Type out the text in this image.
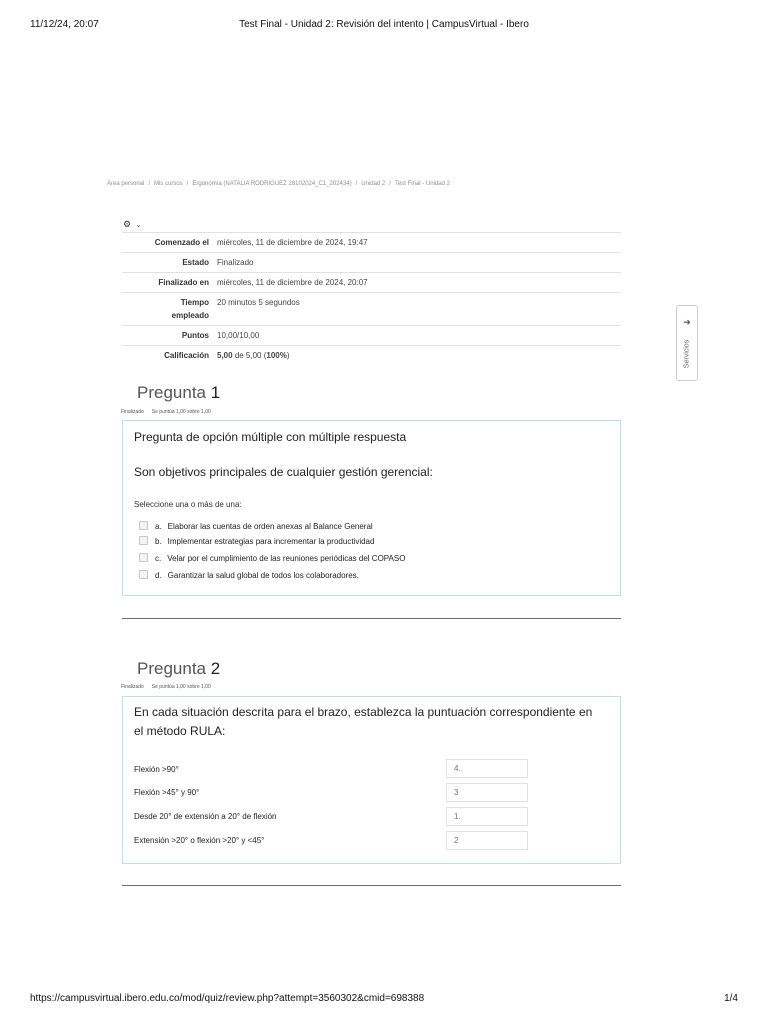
11/12/24, 20:07	Test Final - Unidad 2: Revisión del intento | CampusVirtual - Ibero
Área personal / Mis cursos / Ergonomía (NATALIA RODRIGUEZ 28102024_C1_202434) / Unidad 2 / Test Final - Unidad 2
⚙ ⌄
Comenzado el	miércoles, 11 de diciembre de 2024, 19:47
Estado	Finalizado
Finalizado en	miércoles, 11 de diciembre de 2024, 20:07
Tiempo
empleado	20 minutos 5 segundos
Puntos	10,00/10,00
Calificación	5,00 de 5,00 (100%)
➜
Servicios
Pregunta 1
Finalizado Se puntúa 1,00 sobre 1,00
Pregunta de opción múltiple con múltiple respuesta
Son objetivos principales de cualquier gestión gerencial:
Seleccione una o más de una:
a. Elaborar las cuentas de orden anexas al Balance General
b. Implementar estrategias para incrementar la productividad
c. Velar por el cumplimiento de las reuniones periódicas del COPASO
d. Garantizar la salud global de todos los colaboradores.
Pregunta 2
Finalizado Se puntúa 1,00 sobre 1,00
En cada situación descrita para el brazo, establezca la puntuación correspondiente en el método RULA:
Flexión >90°	4.
Flexión >45° y 90°	3
Desde 20° de extensión a 20° de flexión	1.
Extensión >20° o flexión >20° y <45°	2
https://campusvirtual.ibero.edu.co/mod/quiz/review.php?attempt=3560302&cmid=698388	1/4
